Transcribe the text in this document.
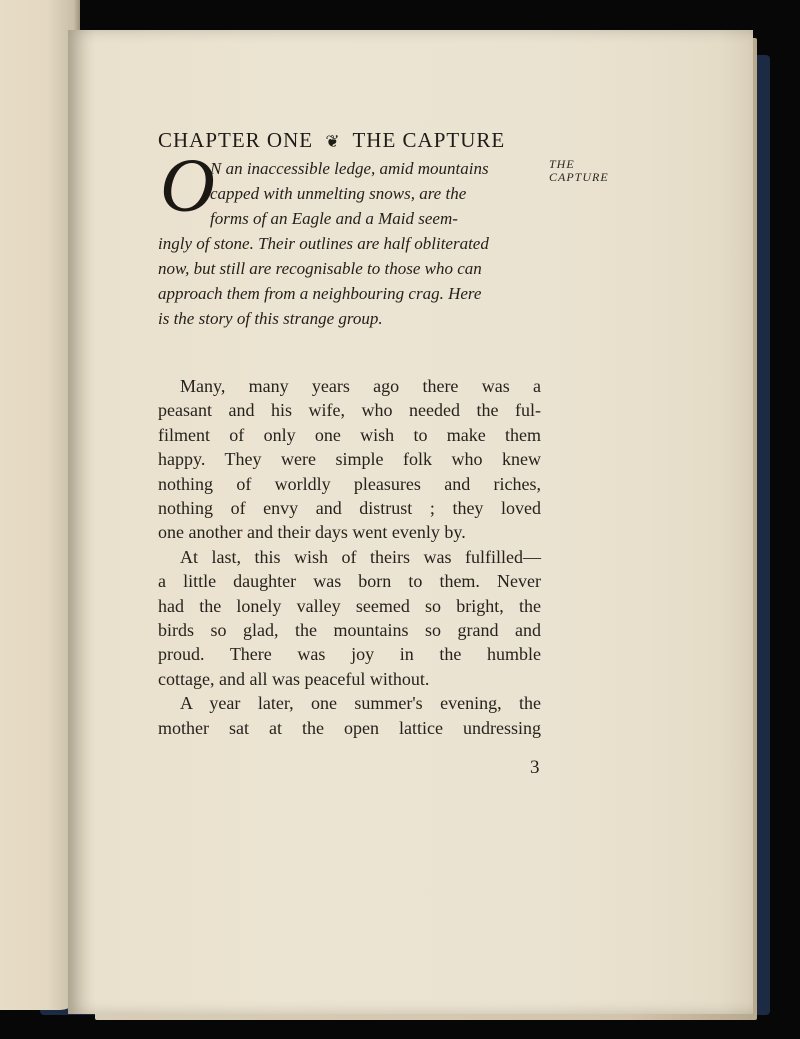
CHAPTER ONE ❦ THE CAPTURE
THE
CAPTURE
O
N an inaccessible ledge, amid mountains
capped with unmelting snows, are the
forms of an Eagle and a Maid seem-
ingly of stone. Their outlines are half obliterated
now, but still are recognisable to those who can
approach them from a neighbouring crag. Here
is the story of this strange group.
Many, many years ago there was a
peasant and his wife, who needed the ful-
filment of only one wish to make them
happy. They were simple folk who knew
nothing of worldly pleasures and riches,
nothing of envy and distrust ; they loved
one another and their days went evenly by.
At last, this wish of theirs was fulfilled—
a little daughter was born to them. Never
had the lonely valley seemed so bright, the
birds so glad, the mountains so grand and
proud. There was joy in the humble
cottage, and all was peaceful without.
A year later, one summer's evening, the
mother sat at the open lattice undressing
3
